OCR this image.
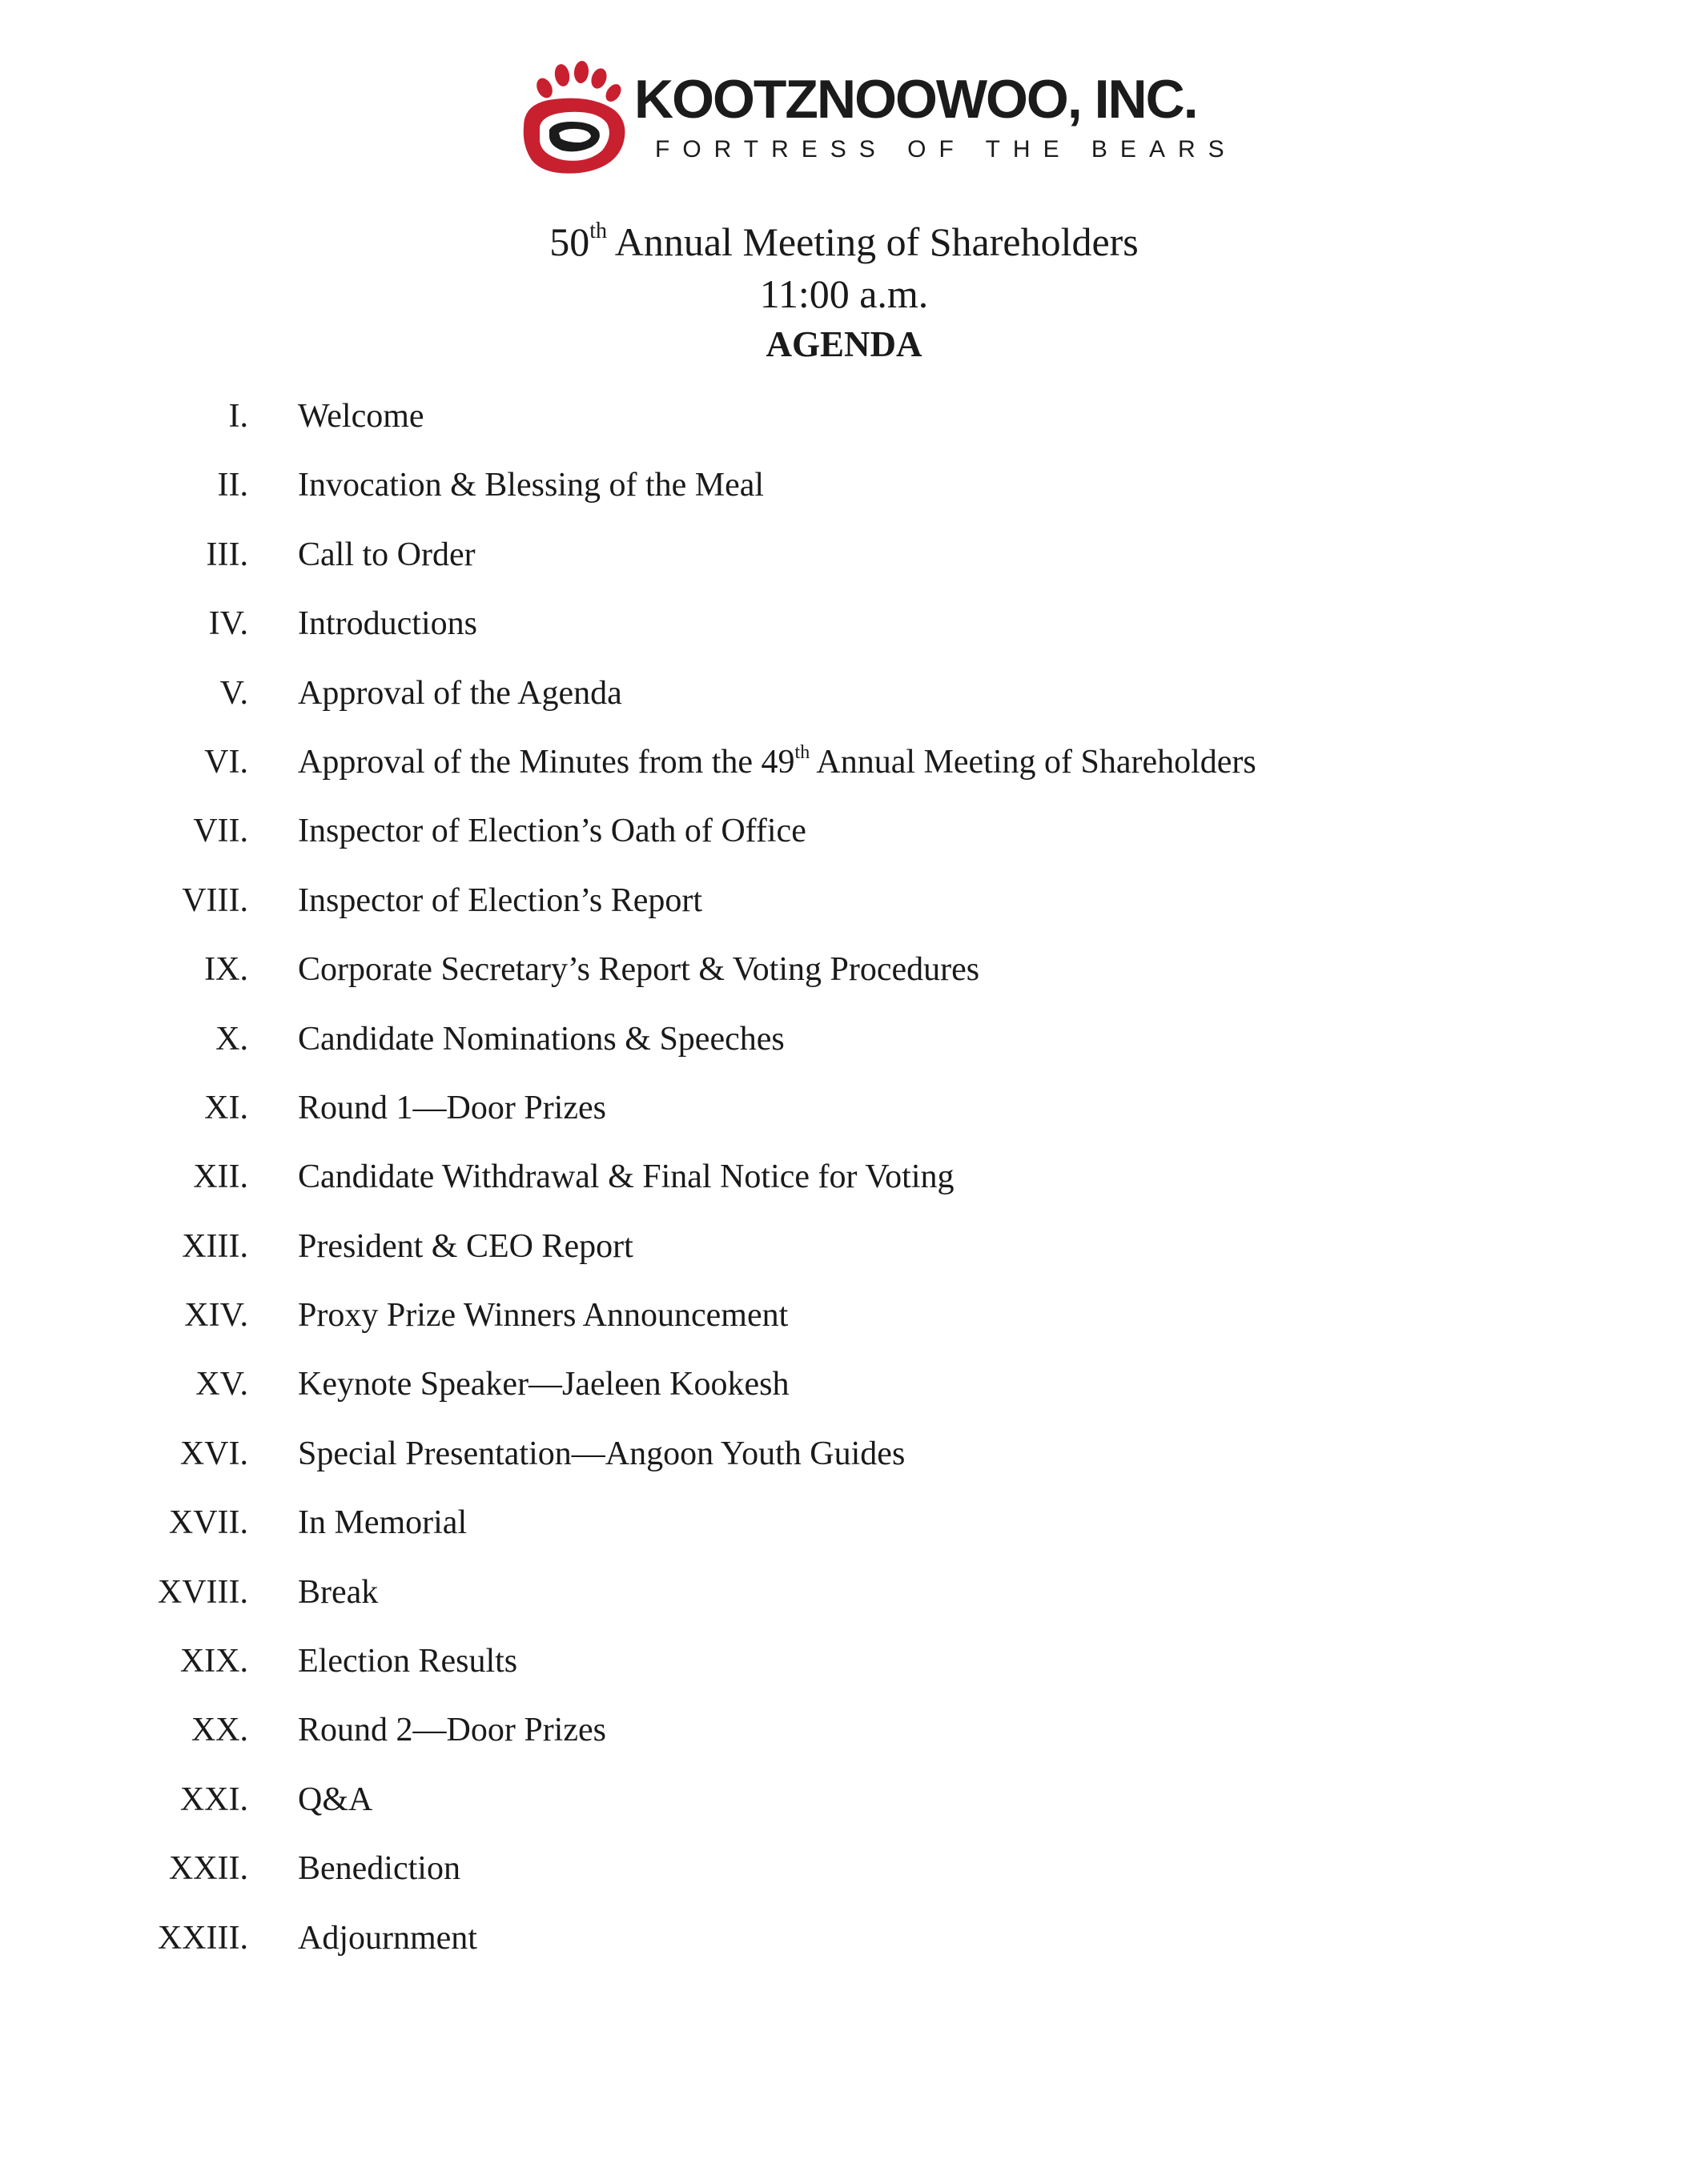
KOOTZNOOWOO, INC.
FORTRESS OF THE BEARS
50th Annual Meeting of Shareholders
11:00 a.m.
AGENDA
I. Welcome
II. Invocation & Blessing of the Meal
III. Call to Order
IV. Introductions
V. Approval of the Agenda
VI. Approval of the Minutes from the 49th Annual Meeting of Shareholders
VII. Inspector of Election’s Oath of Office
VIII. Inspector of Election’s Report
IX. Corporate Secretary’s Report & Voting Procedures
X. Candidate Nominations & Speeches
XI. Round 1—Door Prizes
XII. Candidate Withdrawal & Final Notice for Voting
XIII. President & CEO Report
XIV. Proxy Prize Winners Announcement
XV. Keynote Speaker—Jaeleen Kookesh
XVI. Special Presentation—Angoon Youth Guides
XVII. In Memorial
XVIII. Break
XIX. Election Results
XX. Round 2—Door Prizes
XXI. Q&A
XXII. Benediction
XXIII. Adjournment
